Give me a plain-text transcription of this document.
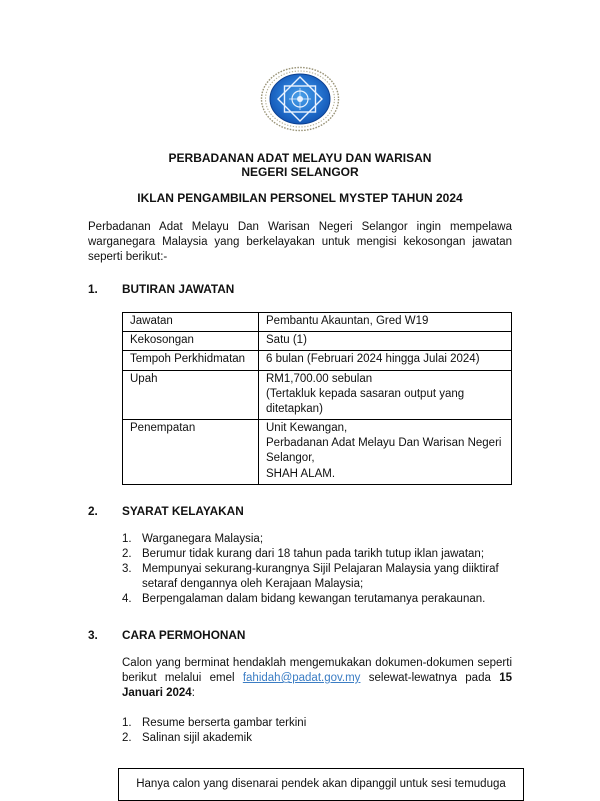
PERBADANAN ADAT MELAYU DAN WARISAN
NEGERI SELANGOR
IKLAN PENGAMBILAN PERSONEL MYSTEP TAHUN 2024

Perbadanan Adat Melayu Dan Warisan Negeri Selangor ingin mempelawa warganegara Malaysia yang berkelayakan untuk mengisi kekosongan jawatan seperti berikut:-

1.	BUTIRAN JAWATAN
Jawatan	Pembantu Akauntan, Gred W19

Kekosongan	Satu (1)

Tempoh Perkhidmatan	6 bulan (Februari 2024 hingga Julai 2024)

Upah	RM1,700.00 sebulan
(Tertakluk kepada sasaran output yang ditetapkan)

Penempatan	Unit Kewangan,
Perbadanan Adat Melayu Dan Warisan Negeri Selangor,
SHAH ALAM.
2.	SYARAT KELAYAKAN
1. Warganegara Malaysia;
2. Berumur tidak kurang dari 18 tahun pada tarikh tutup iklan jawatan;
3. Mempunyai sekurang-kurangnya Sijil Pelajaran Malaysia yang diiktiraf setaraf dengannya oleh Kerajaan Malaysia;
4. Berpengalaman dalam bidang kewangan terutamanya perakaunan.
3.	CARA PERMOHONAN

Calon yang berminat hendaklah mengemukakan dokumen-dokumen seperti berikut melalui emel fahidah@padat.gov.my selewat-lewatnya pada 15 Januari 2024:

1. Resume berserta gambar terkini
2. Salinan sijil akademik
Hanya calon yang disenarai pendek akan dipanggil untuk sesi temuduga
